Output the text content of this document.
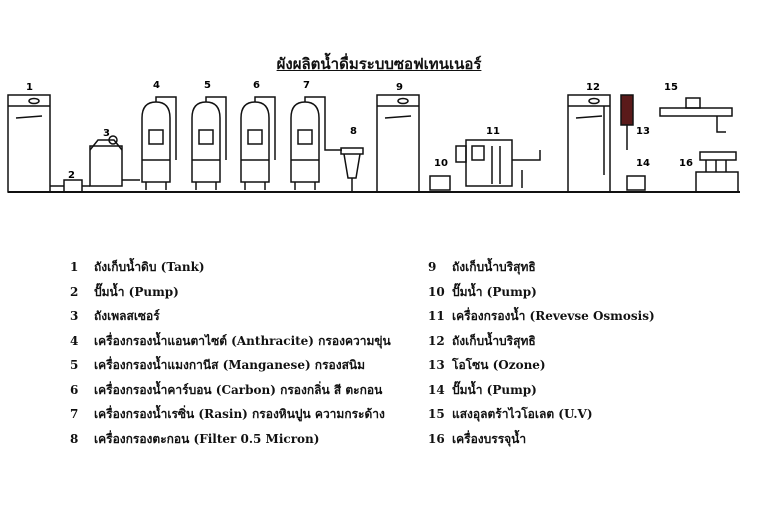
ผังผลิตน้ำดื่มระบบซอฟเทนเนอร์
1
2
3
4	5	6	7
8
9
10
11
12
13
14
15
16
1	ถังเก็บน้ำดิบ (Tank)
2	ปั๊มน้ำ (Pump)
3	ถังเพลสเซอร์
4	เครื่องกรองน้ำแอนตาไซต์ (Anthracite) กรองความขุ่น
5	เครื่องกรองน้ำแมงกานีส (Manganese) กรองสนิม
6	เครื่องกรองน้ำคาร์บอน (Carbon) กรองกลิ่น สี ตะกอน
7	เครื่องกรองน้ำเรซิ่น (Rasin) กรองหินปูน ความกระด้าง
8	เครื่องกรองตะกอน (Filter 0.5 Micron)
9	ถังเก็บน้ำบริสุทธิ
10 ปั๊มน้ำ (Pump)
11 เครื่องกรองน้ำ (Revevse Osmosis)
12 ถังเก็บน้ำบริสุทธิ
13 โอโซน (Ozone)
14 ปั๊มน้ำ (Pump)
15 แสงอุลตร้าไวโอเลต (U.V)
16 เครื่องบรรจุน้ำ
